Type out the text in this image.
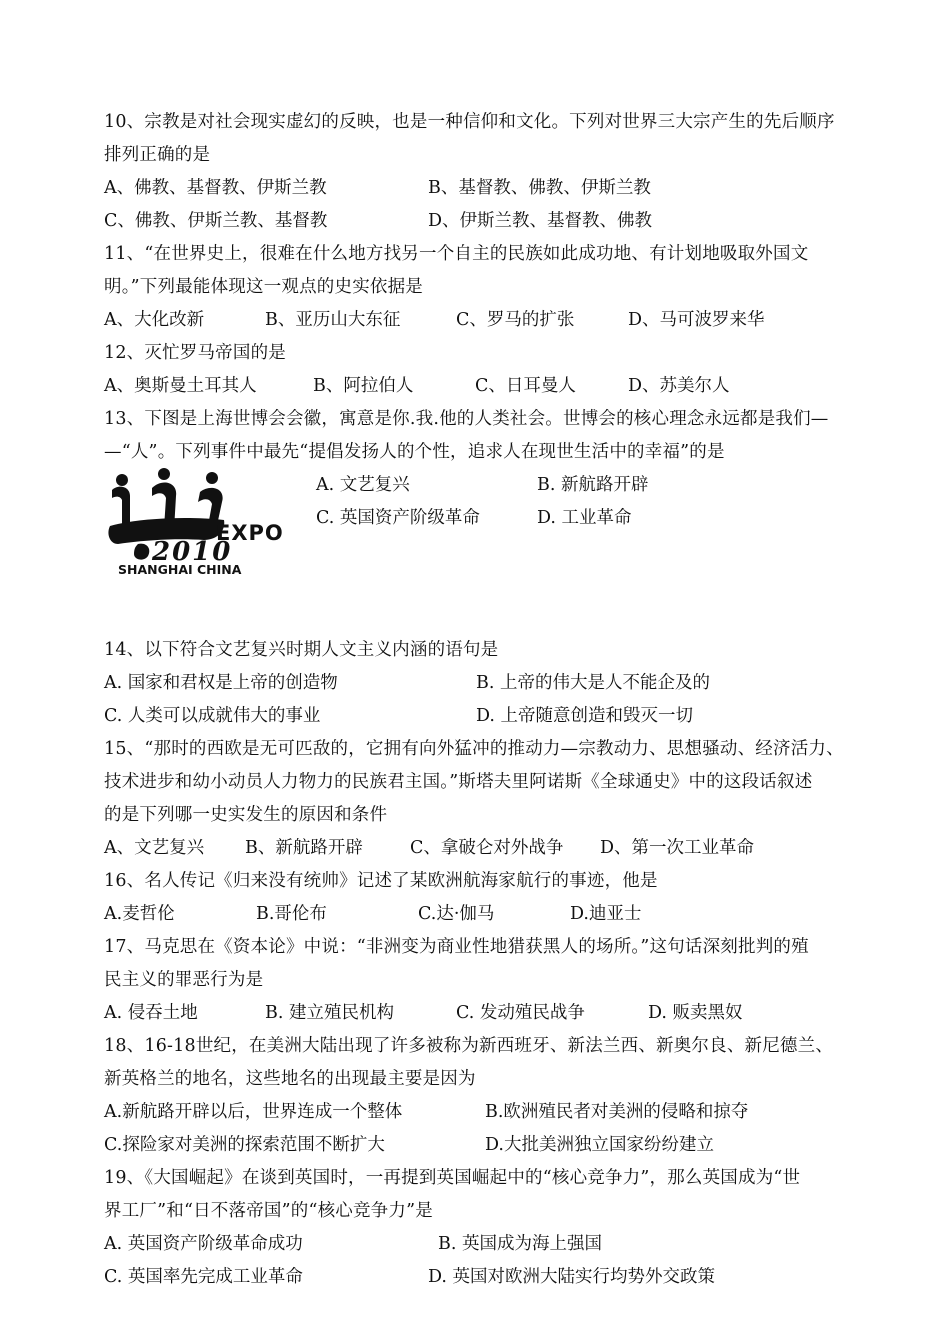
10、宗教是对社会现实虚幻的反映，也是一种信仰和文化。下列对世界三大宗产生的先后顺序
排列正确的是
A、佛教、基督教、伊斯兰教	B、基督教、佛教、伊斯兰教
C、佛教、伊斯兰教、基督教	D、伊斯兰教、基督教、佛教
11、“在世界史上，很难在什么地方找另一个自主的民族如此成功地、有计划地吸取外国文
明。”下列最能体现这一观点的史实依据是
A、大化改新	B、亚历山大东征	C、罗马的扩张	D、马可波罗来华
12、灭忙罗马帝国的是
A、奥斯曼土耳其人	B、阿拉伯人	C、日耳曼人	D、苏美尔人
13、下图是上海世博会会徽，寓意是你.我.他的人类社会。世博会的核心理念永远都是我们—
—“人”。下列事件中最先“提倡发扬人的个性，追求人在现世生活中的幸福”的是
EXPO
2010
SHANGHAI CHINA
A. 文艺复兴	B. 新航路开辟
C. 英国资产阶级革命	D. 工业革命
14、以下符合文艺复兴时期人文主义内涵的语句是
A. 国家和君权是上帝的创造物	B. 上帝的伟大是人不能企及的
C. 人类可以成就伟大的事业	D. 上帝随意创造和毁灭一切
15、“那时的西欧是无可匹敌的，它拥有向外猛冲的推动力—宗教动力、思想骚动、经济活力、
技术进步和幼小动员人力物力的民族君主国。”斯塔夫里阿诺斯《全球通史》中的这段话叙述
的是下列哪一史实发生的原因和条件
A、文艺复兴 B、新航路开辟	C、拿破仑对外战争 D、第一次工业革命
16、名人传记《归来没有统帅》记述了某欧洲航海家航行的事迹，他是
A.麦哲伦	B.哥伦布	C.达·伽马	D.迪亚士
17、马克思在《资本论》中说：“非洲变为商业性地猎获黑人的场所。”这句话深刻批判的殖
民主义的罪恶行为是
A. 侵吞土地	B. 建立殖民机构	C. 发动殖民战争	D. 贩卖黑奴
18、16-18世纪，在美洲大陆出现了许多被称为新西班牙、新法兰西、新奥尔良、新尼德兰、
新英格兰的地名，这些地名的出现最主要是因为
A.新航路开辟以后，世界连成一个整体	B.欧洲殖民者对美洲的侵略和掠夺
C.探险家对美洲的探索范围不断扩大	D.大批美洲独立国家纷纷建立
19、《大国崛起》在谈到英国时，一再提到英国崛起中的“核心竞争力”，那么英国成为“世
界工厂”和“日不落帝国”的“核心竞争力”是
A. 英国资产阶级革命成功	B. 英国成为海上强国
C. 英国率先完成工业革命	D. 英国对欧洲大陆实行均势外交政策
